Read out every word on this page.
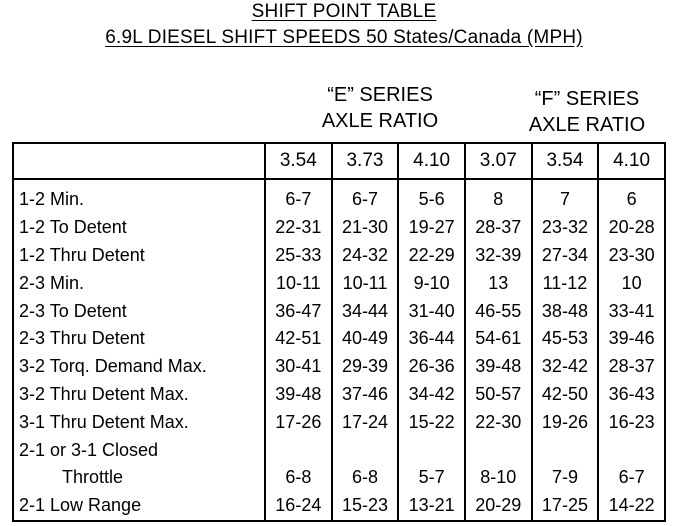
SHIFT POINT TABLE
6.9L DIESEL SHIFT SPEEDS 50 States/Canada (MPH)
“E” SERIES
AXLE RATIO
“F” SERIES
AXLE RATIO
	3.54	3.73	4.10	3.07	3.54	4.10
1-2 Min.	6-7	6-7	5-6	8	7	6
1-2 To Detent	22-31	21-30	19-27	28-37	23-32	20-28
1-2 Thru Detent	25-33	24-32	22-29	32-39	27-34	23-30
2-3 Min.	10-11	10-11	9-10	13	11-12	10
2-3 To Detent	36-47	34-44	31-40	46-55	38-48	33-41
2-3 Thru Detent	42-51	40-49	36-44	54-61	45-53	39-46
3-2 Torq. Demand Max.	30-41	29-39	26-36	39-48	32-42	28-37
3-2 Thru Detent Max.	39-48	37-46	34-42	50-57	42-50	36-43
3-1 Thru Detent Max.	17-26	17-24	15-22	22-30	19-26	16-23
2-1 or 3-1 Closed						
Throttle	6-8	6-8	5-7	8-10	7-9	6-7
2-1 Low Range	16-24	15-23	13-21	20-29	17-25	14-22
